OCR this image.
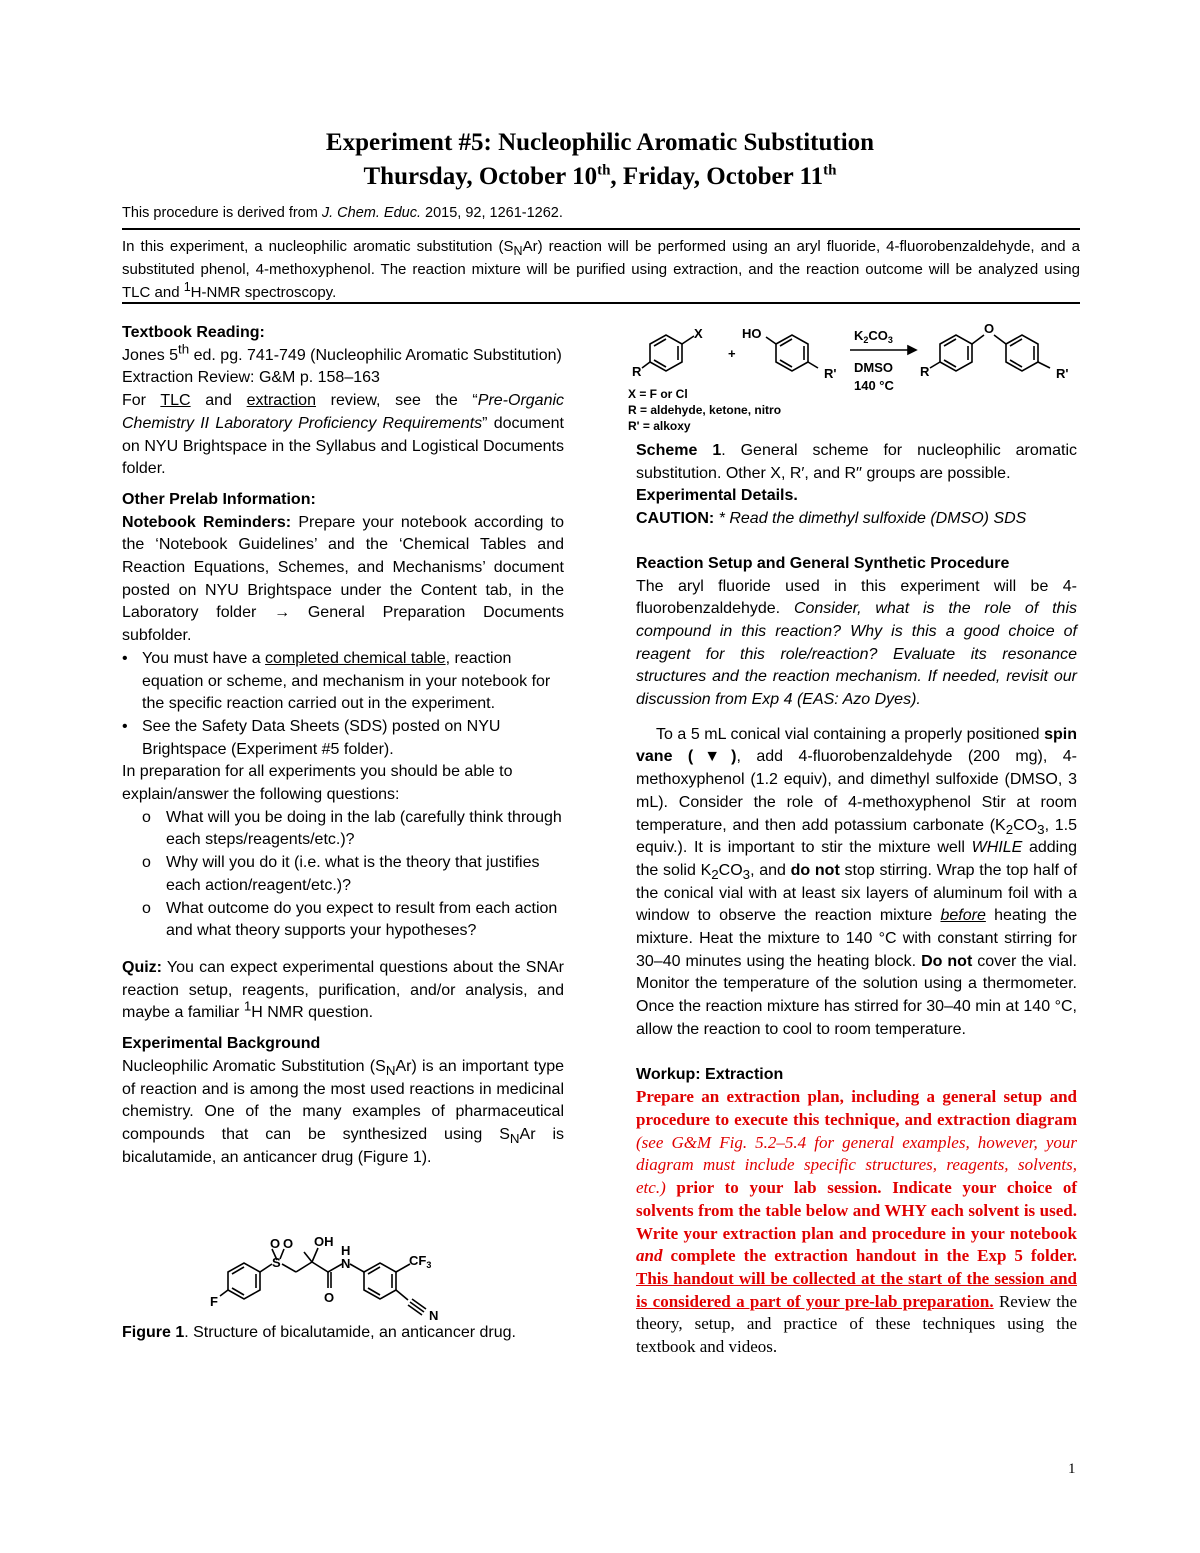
Experiment #5: Nucleophilic Aromatic Substitution
Thursday, October 10th, Friday, October 11th
This procedure is derived from J. Chem. Educ. 2015, 92, 1261-1262.
In this experiment, a nucleophilic aromatic substitution $(S_NAr)$ reaction will be performed using an aryl fluoride, 4-fluorobenzaldehyde, and a substituted phenol, 4-methoxyphenol. The reaction mixture will be purified using extraction, and the reaction outcome will be analyzed using TLC and $^1$H-NMR spectroscopy.

Textbook Reading:

Jones 5th ed. pg. 741-749 (Nucleophilic Aromatic Substitution)

Extraction Review: G&M p. 158–163

For TLC and extraction review, see the “Pre-Organic Chemistry II Laboratory Proficiency Requirements” document on NYU Brightspace in the Syllabus and Logistical Documents folder.

Other Prelab Information:

Notebook Reminders: Prepare your notebook according to the ‘Notebook Guidelines’ and the ‘Chemical Tables and Reaction Equations, Schemes, and Mechanisms’ document posted on NYU Brightspace under the Content tab, in the Laboratory folder → General Preparation Documents subfolder.

• You must have a completed chemical table, reaction equation or scheme, and mechanism in your notebook for the specific reaction carried out in the experiment.

• See the Safety Data Sheets (SDS) posted on NYU Brightspace (Experiment #5 folder).

In preparation for all experiments you should be able to explain/answer the following questions:

o What will you be doing in the lab (carefully think through each steps/reagents/etc.)?

o Why will you do it (i.e. what is the theory that justifies each action/reagent/etc.)?

o What outcome do you expect to result from each action and what theory supports your hypotheses?

Quiz: You can expect experimental questions about the SNAr reaction setup, reagents, purification, and/or analysis, and maybe a familiar $^1$H NMR question.

Experimental Background

Nucleophilic Aromatic Substitution $(S_NAr)$ is an important type of reaction and is among the most used reactions in medicinal chemistry. One of the many examples of pharmaceutical compounds that can be synthesized using $S_NAr$ is bicalutamide, an anticancer drug (Figure 1).

O O
S
OH
H
N	$CF_3$
O
F
N

Figure 1. Structure of bicalutamide, an anticancer drug.

X	HO
+
R	R'
$K_2CO_3$
DMSO
140 °C
O
R	R'
X = F or Cl
R = aldehyde, ketone, nitro
R' = alkoxy

Scheme 1. General scheme for nucleophilic aromatic substitution. Other X, R′, and R′′ groups are possible.

Experimental Details.

CAUTION: * Read the dimethyl sulfoxide (DMSO) SDS

Reaction Setup and General Synthetic Procedure

The aryl fluoride used in this experiment will be 4-fluorobenzaldehyde. Consider, what is the role of this compound in this reaction? Why is this a good choice of reagent for this role/reaction? Evaluate its resonance structures and the reaction mechanism. If needed, revisit our discussion from Exp 4 (EAS: Azo Dyes).

To a 5 mL conical vial containing a properly positioned spin vane (▼), add 4-fluorobenzaldehyde (200 mg), 4-methoxyphenol (1.2 equiv), and dimethyl sulfoxide (DMSO, 3 mL). Consider the role of 4-methoxyphenol Stir at room temperature, and then add potassium carbonate ($K_2CO_3$, 1.5 equiv.). It is important to stir the mixture well WHILE adding the solid $K_2CO_3$, and do not stop stirring. Wrap the top half of the conical vial with at least six layers of aluminum foil with a window to observe the reaction mixture before heating the mixture. Heat the mixture to 140 °C with constant stirring for 30–40 minutes using the heating block. Do not cover the vial. Monitor the temperature of the solution using a thermometer. Once the reaction mixture has stirred for 30–40 min at 140 °C, allow the reaction to cool to room temperature.

Workup: Extraction

Prepare an extraction plan, including a general setup and procedure to execute this technique, and extraction diagram (see G&M Fig. 5.2–5.4 for general examples, however, your diagram must include specific structures, reagents, solvents, etc.) prior to your lab session. Indicate your choice of solvents from the table below and WHY each solvent is used. Write your extraction plan and procedure in your notebook and complete the extraction handout in the Exp 5 folder. This handout will be collected at the start of the session and is considered a part of your pre-lab preparation. Review the theory, setup, and practice of these techniques using the textbook and videos.

1
